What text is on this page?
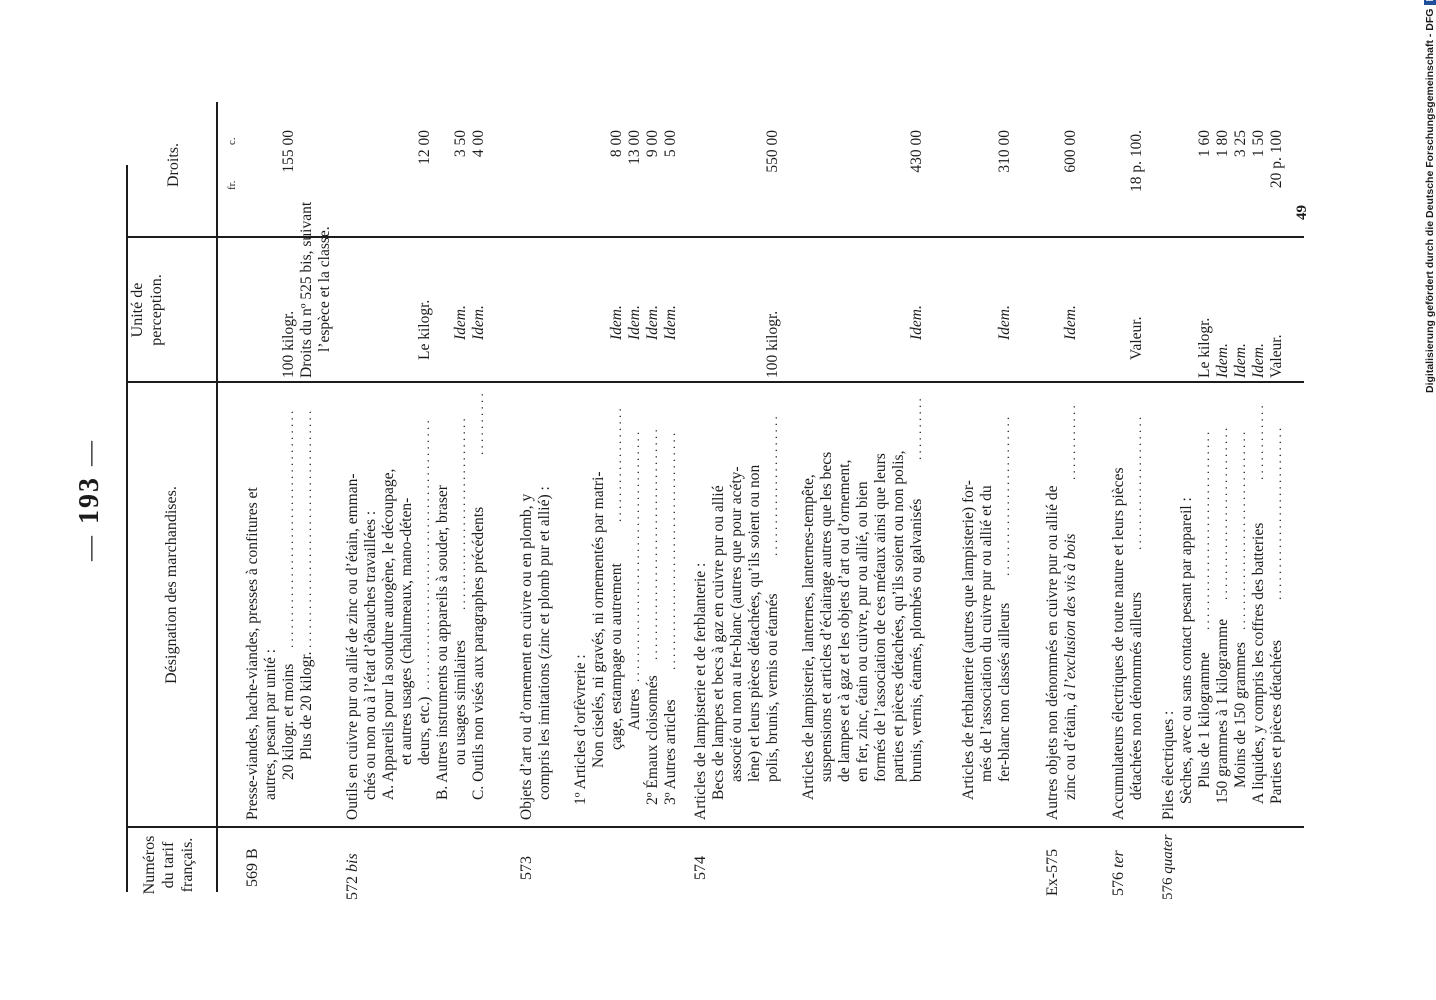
—193—
Numéros du tarif français.
Désignation des marchandises.
Unité de perception.
Droits.	fr.
c.
569 B
Presse-viandes, hache-viandes, presses à confitures et autres, pesant par unité : 20 kilogr. et moins
. . . . . . . . . . . . . . . . . . . . . . . . . . . . . . . . . . . . .
Plus de 20 kilogr.
. . . . . . . . . . . . . . . . . . . . . . . . . . . . . . . . . . . . .
100 kilogr. Droits du nº 525 bis, suivant l’espèce et la classe.
155 00
572 bis
Outils en cuivre pur ou allié de zinc ou d’étain, emman- chés ou non ou à l’état d’ébauches travaillées : A. Appareils pour la soudure autogène, le découpage, et autres usages (chalumeaux, mano-déten- deurs, etc.)
. . . . . . . . . . . . . . . . . . . . . . . . . . . . . . . . . . . . . . . . . . B. Autres instruments ou appareils à souder, braser ou usages similaires
. . . . . . . . . . . . . . . . . . . . . . . . . . . . . . C. Outils non visés aux paragraphes précédents
. . . . . . . . . .
Le kilogr. Idem. Idem.
12 00 3 50 4 00
573
Objets d’art ou d’ornement en cuivre ou en plomb, y compris les imitations (zinc et plomb pur et allié) : 1º Articles d’orfèvrerie : Non ciselés, ni gravés, ni ornementés par matri- çage, estampage ou autrement
. . . . . . . . . . . . . . . . . .
Autres
. . . . . . . . . . . . . . . . . . . . . . . . . . . . . . . . . . . . . . .
2º Émaux cloisonnés
. . . . . . . . . . . . . . . . . . . . . . . . . . . . . . . . . . . .
3º Autres articles
. . . . . . . . . . . . . . . . . . . . . . . . . . . . . . . . . . . . .
Idem. Idem. Idem. Idem.
8 00 13 00 9 00 5 00
574
Articles de lampisterie et de ferblanterie : Becs de lampes et becs à gaz en cuivre pur ou allié associé ou non au fer-blanc (autres que pour acéty- lène) et leurs pièces détachées, qu’ils soient ou non polis, brunis, vernis ou étamés
. . . . . . . . . . . . . . . . . . . . . .
100 kilogr.
550 00
Articles de lampisterie, lanternes, lanternes-tempête, suspensions et articles d’éclairage autres que les becs de lampes et à gaz et les objets d’art ou d’ornement, en fer, zinc, étain ou cuivre, pur ou allié, ou bien formés de l’association de ces métaux ainsi que leurs parties et pièces détachées, qu’ils soient ou non polis, brunis, vernis, étamés, plombés ou galvanisés
. . . . . . . . . .
Idem.
430 00
Articles de ferblanterie (autres que lampisterie) for- més de l’association du cuivre pur ou allié et du fer-blanc non classés ailleurs
. . . . . . . . . . . . . . . . . . . . . . . . .
Idem.
310 00
Ex-575
Autres objets non dénommés en cuivre pur ou allié de zinc ou d’étain, à l’exclusion des vis à bois
. . . . . . . . . . . .
Idem.
600 00
576 ter
Accumulateurs électriques de toute nature et leurs pièces détachées non dénommés ailleurs
. . . . . . . . . . . . . . . . . . . . .
Valeur.
18 p. 100.
576 quater
Piles électriques : Sèches, avec ou sans contact pesant par appareil : Plus de 1 kilogramme
. . . . . . . . . . . . . . . . . . . . . . . . . . . . . . .
150 grammes à 1 kilogramme
. . . . . . . . . . . . . . . . . . . . . . . . . . .
Moins de 150 grammes
. . . . . . . . . . . . . . . . . . . . . . . . . . . . . . . A liquides, y compris les coffres des batteries
. . . . . . . . . . . .
Parties et pièces détachées
. . . . . . . . . . . . . . . . . . . . . . . . . . .
Le kilogr. Idem. Idem. Idem. Valeur.
1 60 1 80 3 25 1 50 20 p. 100
49	Digitalisierung gefördert durch die Deutsche Forschungsgemeinschaft - DFG
